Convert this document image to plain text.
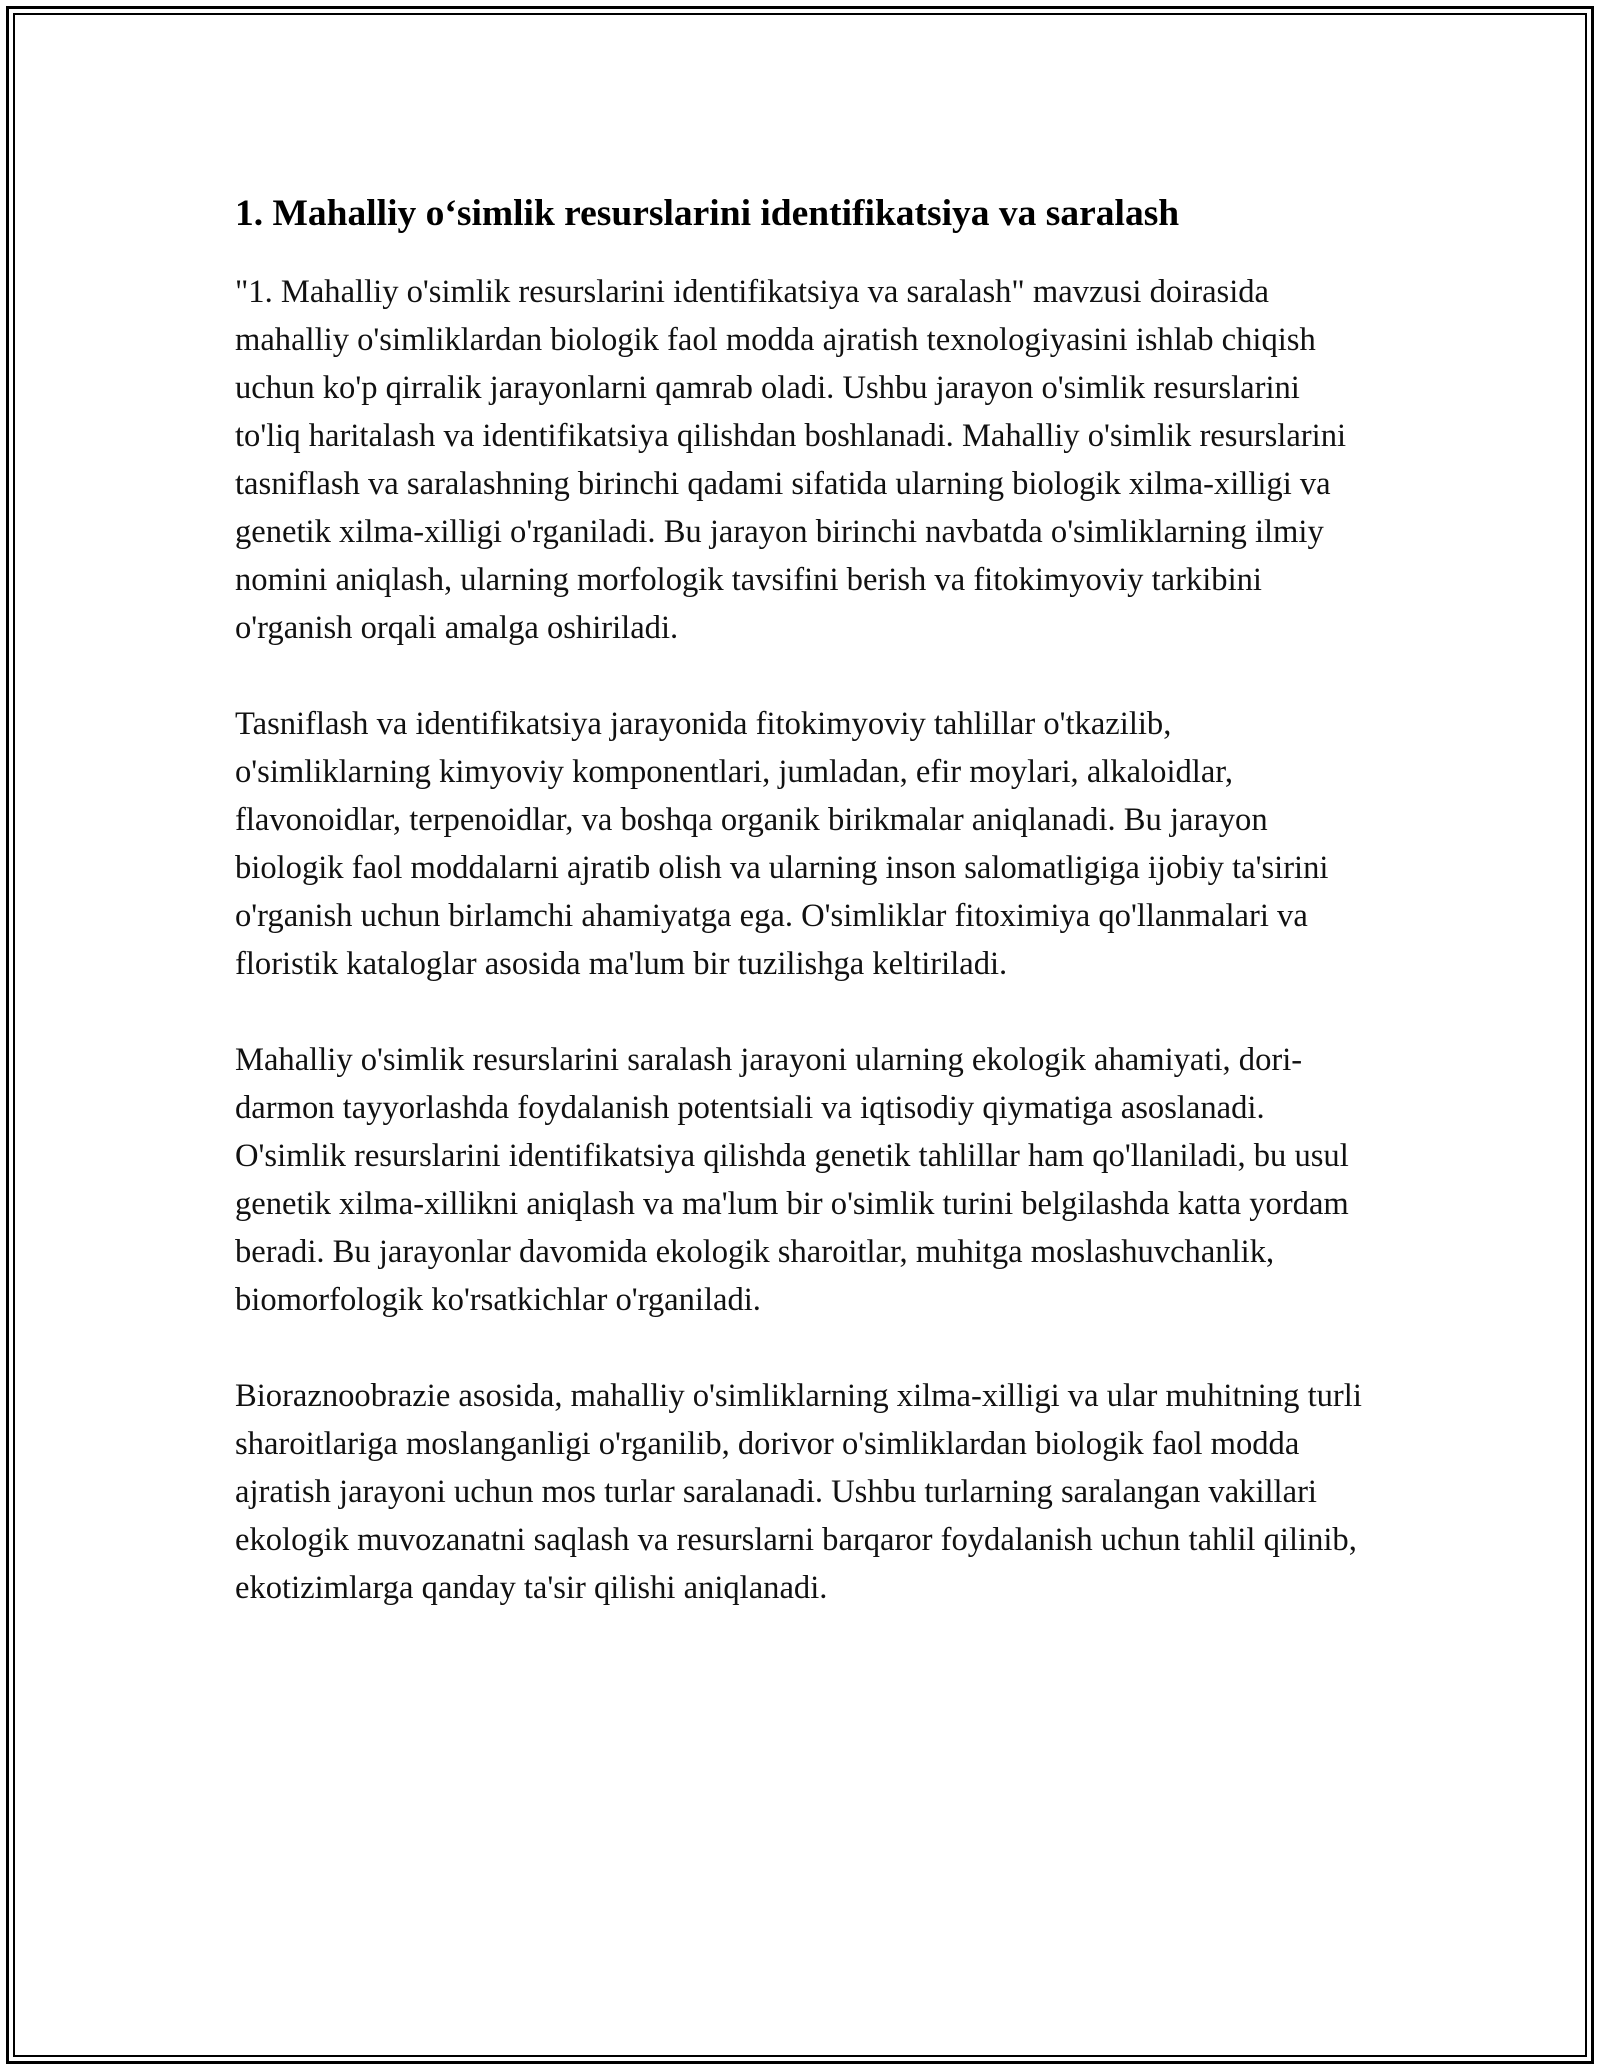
1. Mahalliy o‘simlik resurslarini identifikatsiya va saralash

"1. Mahalliy o'simlik resurslarini identifikatsiya va saralash" mavzusi doirasida mahalliy o'simliklardan biologik faol modda ajratish texnologiyasini ishlab chiqish uchun ko'p qirralik jarayonlarni qamrab oladi. Ushbu jarayon o'simlik resurslarini to'liq haritalash va identifikatsiya qilishdan boshlanadi. Mahalliy o'simlik resurslarini tasniflash va saralashning birinchi qadami sifatida ularning biologik xilma-xilligi va genetik xilma-xilligi o'rganiladi. Bu jarayon birinchi navbatda o'simliklarning ilmiy nomini aniqlash, ularning morfologik tavsifini berish va fitokimyoviy tarkibini o'rganish orqali amalga oshiriladi.

Tasniflash va identifikatsiya jarayonida fitokimyoviy tahlillar o'tkazilib, o'simliklarning kimyoviy komponentlari, jumladan, efir moylari, alkaloidlar, flavonoidlar, terpenoidlar, va boshqa organik birikmalar aniqlanadi. Bu jarayon biologik faol moddalarni ajratib olish va ularning inson salomatligiga ijobiy ta'sirini o'rganish uchun birlamchi ahamiyatga ega. O'simliklar fitoximiya qo'llanmalari va floristik kataloglar asosida ma'lum bir tuzilishga keltiriladi.

Mahalliy o'simlik resurslarini saralash jarayoni ularning ekologik ahamiyati, dori-darmon tayyorlashda foydalanish potentsiali va iqtisodiy qiymatiga asoslanadi. O'simlik resurslarini identifikatsiya qilishda genetik tahlillar ham qo'llaniladi, bu usul genetik xilma-xillikni aniqlash va ma'lum bir o'simlik turini belgilashda katta yordam beradi. Bu jarayonlar davomida ekologik sharoitlar, muhitga moslashuvchanlik, biomorfologik ko'rsatkichlar o'rganiladi.

Bioraznoobrazie asosida, mahalliy o'simliklarning xilma-xilligi va ular muhitning turli sharoitlariga moslanganligi o'rganilib, dorivor o'simliklardan biologik faol modda ajratish jarayoni uchun mos turlar saralanadi. Ushbu turlarning saralangan vakillari ekologik muvozanatni saqlash va resurslarni barqaror foydalanish uchun tahlil qilinib, ekotizimlarga qanday ta'sir qilishi aniqlanadi.
